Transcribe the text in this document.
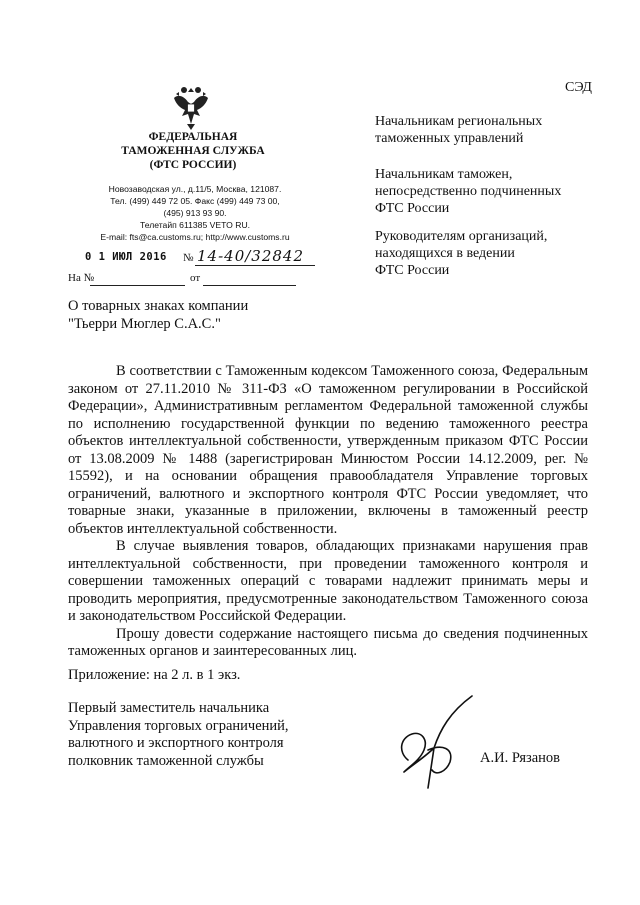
СЭД
ФЕДЕРАЛЬНАЯ
ТАМОЖЕННАЯ СЛУЖБА
(ФТС РОССИИ)
Новозаводская ул., д.11/5, Москва, 121087.
Тел. (499) 449 72 05. Факс (499) 449 73 00,
(495) 913 93 90.
Телетайп 611385 VETO RU.
E-mail: fts@ca.customs.ru; http://www.customs.ru
0 1 ИЮЛ 2016 № 14-40/32842
На №	от
Начальникам региональных
таможенных управлений
Начальникам таможен,
непосредственно подчиненных
ФТС России
Руководителям организаций,
находящихся в ведении
ФТС России
О товарных знаках компании
"Тьерри Мюглер С.А.С."

В соответствии с Таможенным кодексом Таможенного союза, Федеральным законом от 27.11.2010 № 311-ФЗ «О таможенном регулировании в Российской Федерации», Административным регламентом Федеральной таможенной службы по исполнению государственной функции по ведению таможенного реестра объектов интеллектуальной собственности, утвержденным приказом ФТС России от 13.08.2009 № 1488 (зарегистрирован Минюстом России 14.12.2009, рег. № 15592), и на основании обращения правообладателя Управление торговых ограничений, валютного и экспортного контроля ФТС России уведомляет, что товарные знаки, указанные в приложении, включены в таможенный реестр объектов интеллектуальной собственности.

В случае выявления товаров, обладающих признаками нарушения прав интеллектуальной собственности, при проведении таможенного контроля и совершении таможенных операций с товарами надлежит принимать меры и проводить мероприятия, предусмотренные законодательством Таможенного союза и законодательством Российской Федерации.

Прошу довести содержание настоящего письма до сведения подчиненных таможенных органов и заинтересованных лиц.

Приложение: на 2 л. в 1 экз.
Первый заместитель начальника
Управления торговых ограничений,
валютного и экспортного контроля
полковник таможенной службы	А.И. Рязанов
